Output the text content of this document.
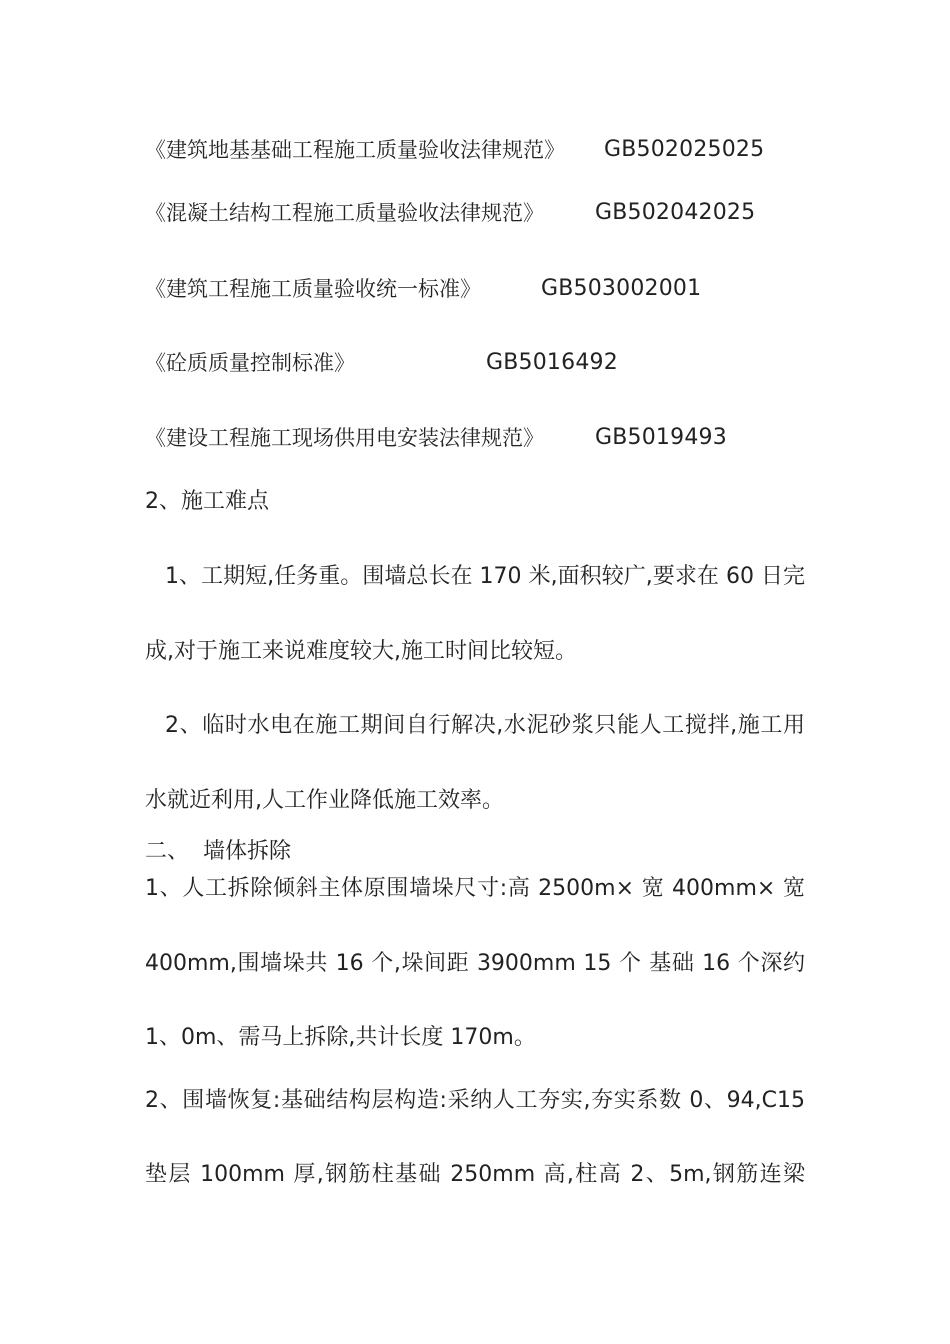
《建筑地基基础工程施工质量验收法律规范》 GB502025025
《混凝土结构工程施工质量验收法律规范》 GB502042025
《建筑工程施工质量验收统一标准》	GB503002001
《砼质质量控制标准》	GB5016492
《建设工程施工现场供用电安装法律规范》 GB5019493
2、施工难点
1、工期短,任务重。围墙总长在 170 米,面积较广,要求在 60 日完
成,对于施工来说难度较大,施工时间比较短。
2、临时水电在施工期间自行解决,水泥砂浆只能人工搅拌,施工用
水就近利用,人工作业降低施工效率。
二、  墙体拆除
1、人工拆除倾斜主体原围墙垛尺寸:高 2500m× 宽 400mm× 宽
400mm,围墙垛共 16 个,垛间距 3900mm 15 个 基础 16 个深约
1、0m、需马上拆除,共计长度 170m。
2、围墙恢复:基础结构层构造:采纳人工夯实,夯实系数 0、94,C15
垫层 100mm 厚,钢筋柱基础 250mm 高,柱高 2、5m,钢筋连梁
